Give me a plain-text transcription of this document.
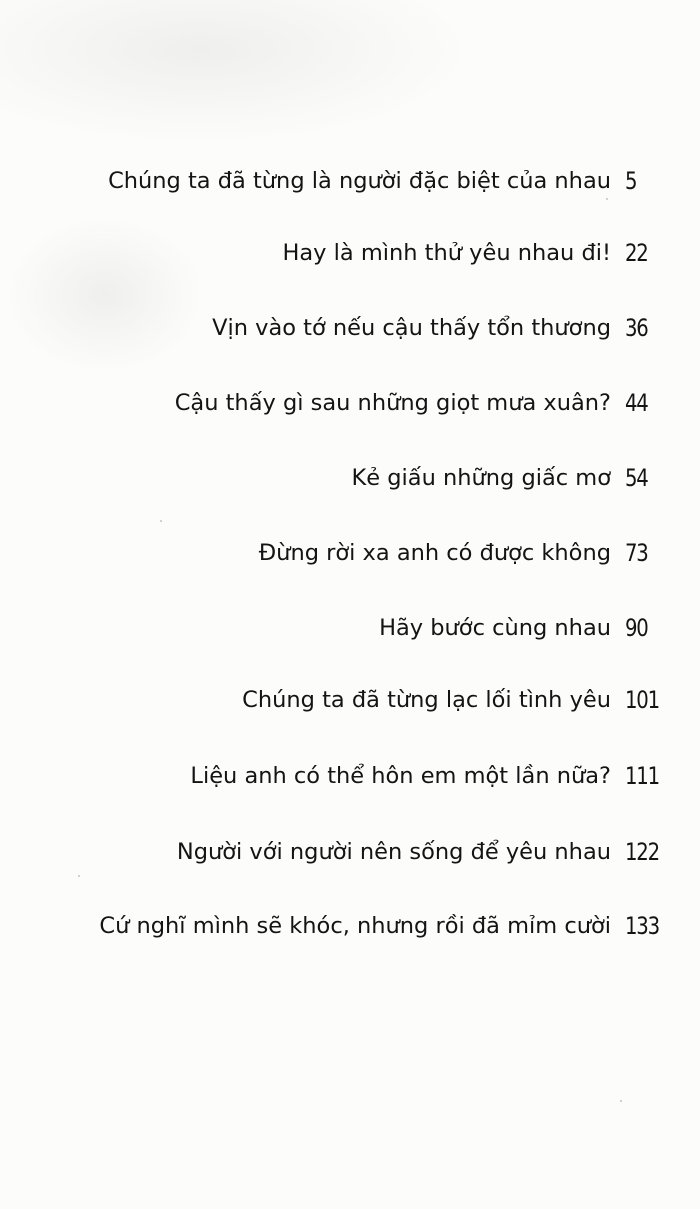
Chúng ta đã từng là người đặc biệt của nhau 5
Hay là mình thử yêu nhau đi! 22
Vịn vào tớ nếu cậu thấy tổn thương 36
Cậu thấy gì sau những giọt mưa xuân? 44
Kẻ giấu những giấc mơ 54
Đừng rời xa anh có được không 73
Hãy bước cùng nhau 90
Chúng ta đã từng lạc lối tình yêu 101
Liệu anh có thể hôn em một lần nữa? 111
Người với người nên sống để yêu nhau 122
Cứ nghĩ mình sẽ khóc, nhưng rồi đã mỉm cười 133
